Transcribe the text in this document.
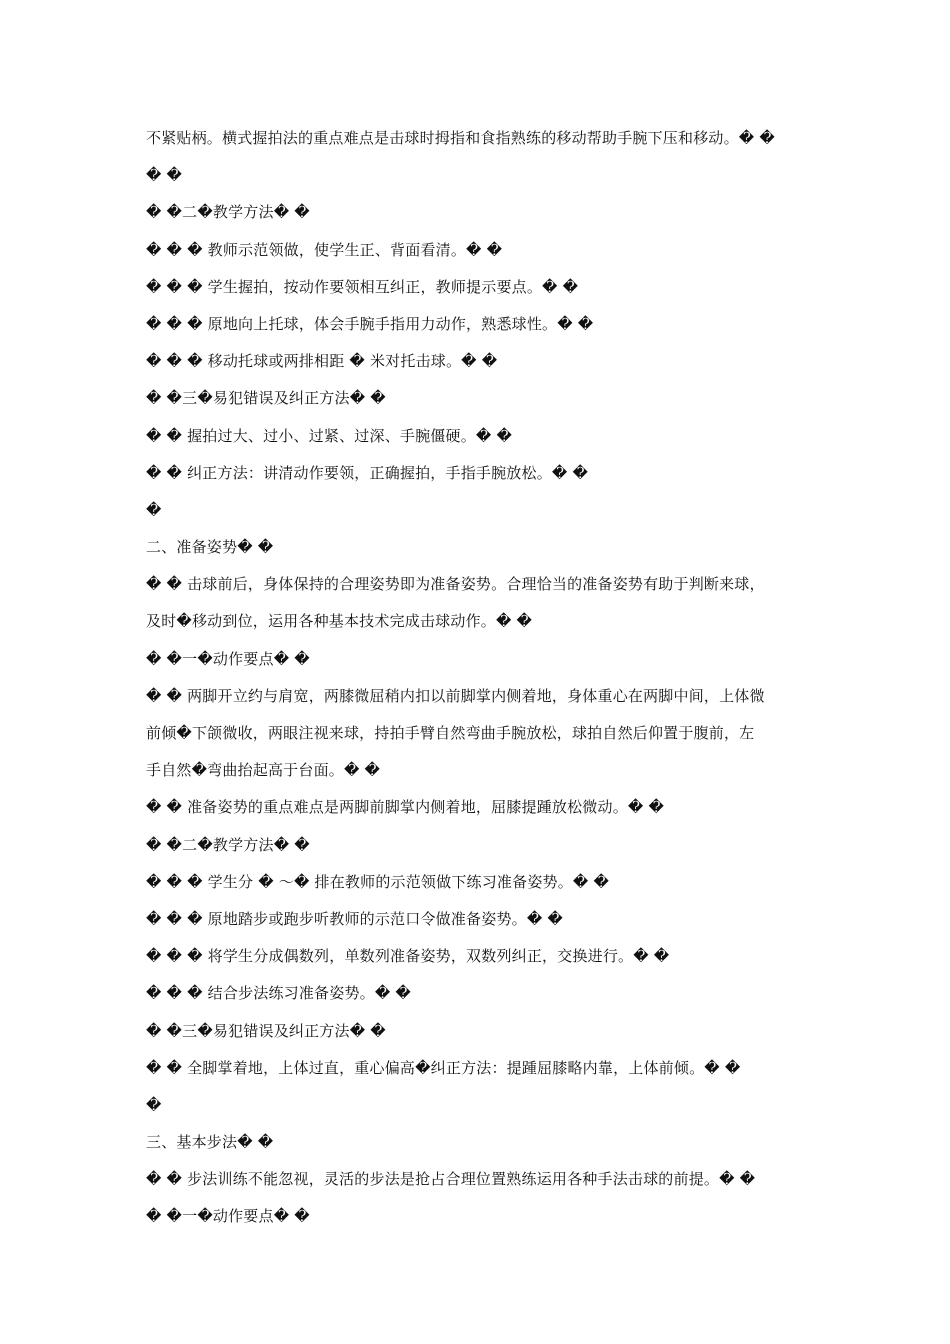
不紧贴柄。横式握拍法的重点难点是击球时拇指和食指熟练的移动帮助手腕下压和移动。� �
� �
� �二�教学方法� �
� � � 教师示范领做，使学生正、背面看清。� �
� � � 学生握拍，按动作要领相互纠正，教师提示要点。� �
� � � 原地向上托球，体会手腕手指用力动作，熟悉球性。� �
� � � 移动托球或两排相距 � 米对托击球。� �
� �三�易犯错误及纠正方法� �
� � 握拍过大、过小、过紧、过深、手腕僵硬。� �
� � 纠正方法：讲清动作要领，正确握拍，手指手腕放松。� �
�
二、准备姿势� �
� � 击球前后，身体保持的合理姿势即为准备姿势。合理恰当的准备姿势有助于判断来球，
及时�移动到位，运用各种基本技术完成击球动作。� �
� �一�动作要点� �
� � 两脚开立约与肩宽，两膝微屈稍内扣以前脚掌内侧着地，身体重心在两脚中间，上体微
前倾�下颌微收，两眼注视来球，持拍手臂自然弯曲手腕放松，球拍自然后仰置于腹前，左
手自然�弯曲抬起高于台面。� �
� � 准备姿势的重点难点是两脚前脚掌内侧着地，屈膝提踵放松微动。� �
� �二�教学方法� �
� � � 学生分 � ～� 排在教师的示范领做下练习准备姿势。� �
� � � 原地踏步或跑步听教师的示范口令做准备姿势。� �
� � � 将学生分成偶数列，单数列准备姿势，双数列纠正，交换进行。� �
� � � 结合步法练习准备姿势。� �
� �三�易犯错误及纠正方法� �
� � 全脚掌着地，上体过直，重心偏高�纠正方法：提踵屈膝略内靠，上体前倾。� �
�
三、基本步法� �
� � 步法训练不能忽视，灵活的步法是抢占合理位置熟练运用各种手法击球的前提。� �
� �一�动作要点� �
